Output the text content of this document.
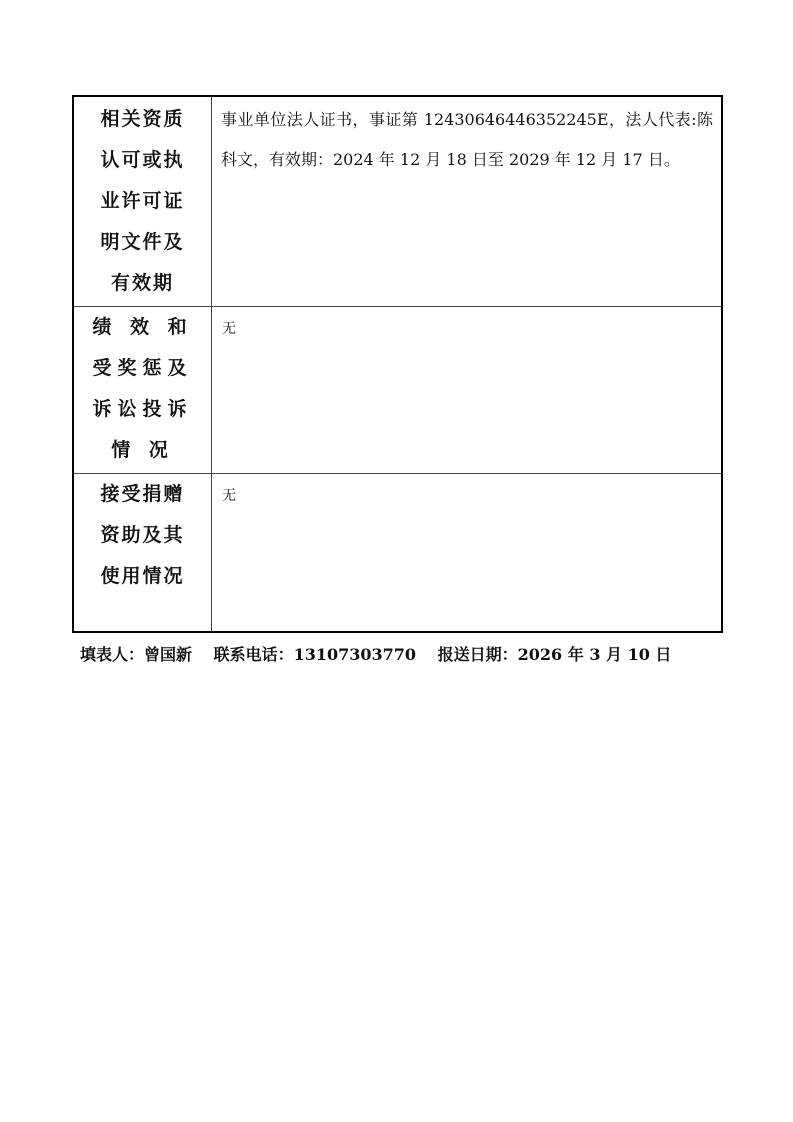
相关资质
认可或执
业许可证
明文件及
有效期	事业单位法人证书，事证第 12430646446352245E，法人代表:陈科文，有效期：2024 年 12 月 18 日至 2029 年 12 月 17 日。

绩 效 和
受奖惩及
诉讼投诉
情 况	无

接受捐赠
资助及其
使用情况	无
填表人：曾国新 联系电话：13107303770 报送日期：2026 年 3 月 10 日
